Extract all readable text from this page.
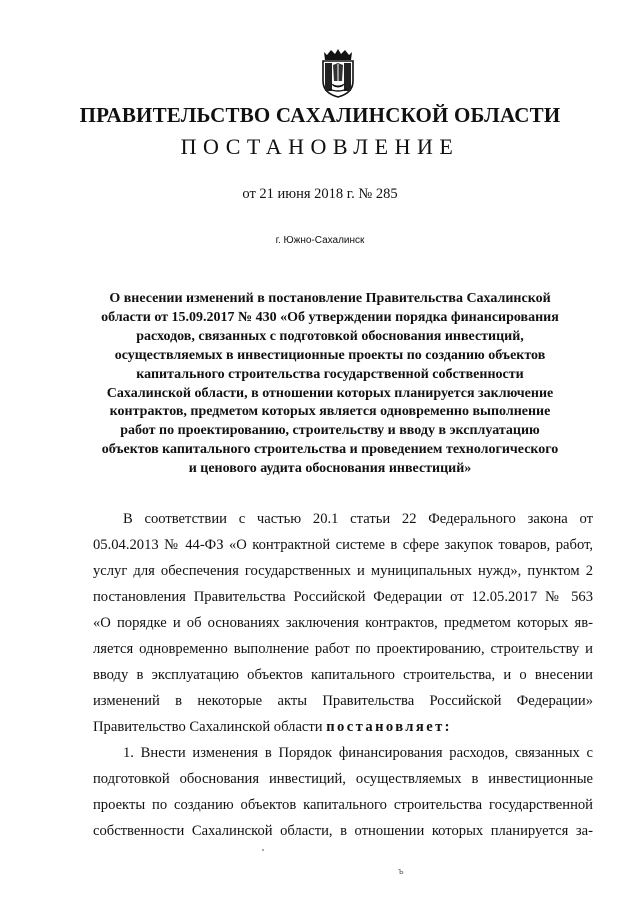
ПРАВИТЕЛЬСТВО САХАЛИНСКОЙ ОБЛАСТИ
ПОСТАНОВЛЕНИЕ
от 21 июня 2018 г. № 285
г. Южно-Сахалинск
О внесении изменений в постановление Правительства Сахалинской
области от 15.09.2017 № 430 «Об утверждении порядка финансирования
расходов, связанных с подготовкой обоснования инвестиций,
осуществляемых в инвестиционные проекты по созданию объектов
капитального строительства государственной собственности
Сахалинской области, в отношении которых планируется заключение
контрактов, предметом которых является одновременно выполнение
работ по проектированию, строительству и вводу в эксплуатацию
объектов капитального строительства и проведением технологического
и ценового аудита обоснования инвестиций»
В соответствии с частью 20.1 статьи 22 Федерального закона от
05.04.2013 № 44-ФЗ «О контрактной системе в сфере закупок товаров, работ,
услуг для обеспечения государственных и муниципальных нужд», пунктом 2
постановления Правительства Российской Федерации от 12.05.2017 № 563
«О порядке и об основаниях заключения контрактов, предметом которых яв-
ляется одновременно выполнение работ по проектированию, строительству и
вводу в эксплуатацию объектов капитального строительства, и о внесении
изменений в некоторые акты Правительства Российской Федерации»
Правительство Сахалинской области постановляет:
1. Внести изменения в Порядок финансирования расходов, связанных с
подготовкой обоснования инвестиций, осуществляемых в инвестиционные
проекты по созданию объектов капитального строительства государственной
собственности Сахалинской области, в отношении которых планируется за-
ъ
